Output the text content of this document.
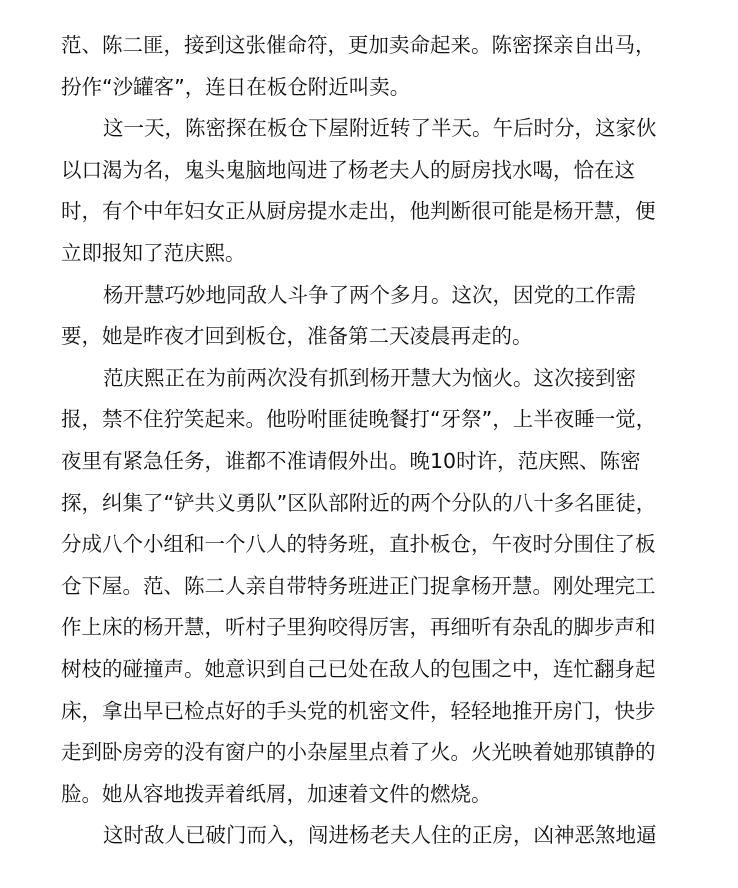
范、陈二匪，接到这张催命符，更加卖命起来。陈密探亲自出马，
扮作“沙罐客”，连日在板仓附近叫卖。
这一天，陈密探在板仓下屋附近转了半天。午后时分，这家伙
以口渴为名，鬼头鬼脑地闯进了杨老夫人的厨房找水喝，恰在这
时，有个中年妇女正从厨房提水走出，他判断很可能是杨开慧，便
立即报知了范庆熙。
杨开慧巧妙地同敌人斗争了两个多月。这次，因党的工作需
要，她是昨夜才回到板仓，准备第二天凌晨再走的。
范庆熙正在为前两次没有抓到杨开慧大为恼火。这次接到密
报，禁不住狞笑起来。他吩咐匪徒晚餐打“牙祭”，上半夜睡一觉，
夜里有紧急任务，谁都不准请假外出。晚10时许，范庆熙、陈密
探，纠集了“铲共义勇队”区队部附近的两个分队的八十多名匪徒，
分成八个小组和一个八人的特务班，直扑板仓，午夜时分围住了板
仓下屋。范、陈二人亲自带特务班进正门捉拿杨开慧。刚处理完工
作上床的杨开慧，听村子里狗咬得厉害，再细听有杂乱的脚步声和
树枝的碰撞声。她意识到自己已处在敌人的包围之中，连忙翻身起
床，拿出早已检点好的手头党的机密文件，轻轻地推开房门，快步
走到卧房旁的没有窗户的小杂屋里点着了火。火光映着她那镇静的
脸。她从容地拨弄着纸屑，加速着文件的燃烧。
这时敌人已破门而入，闯进杨老夫人住的正房，凶神恶煞地逼
